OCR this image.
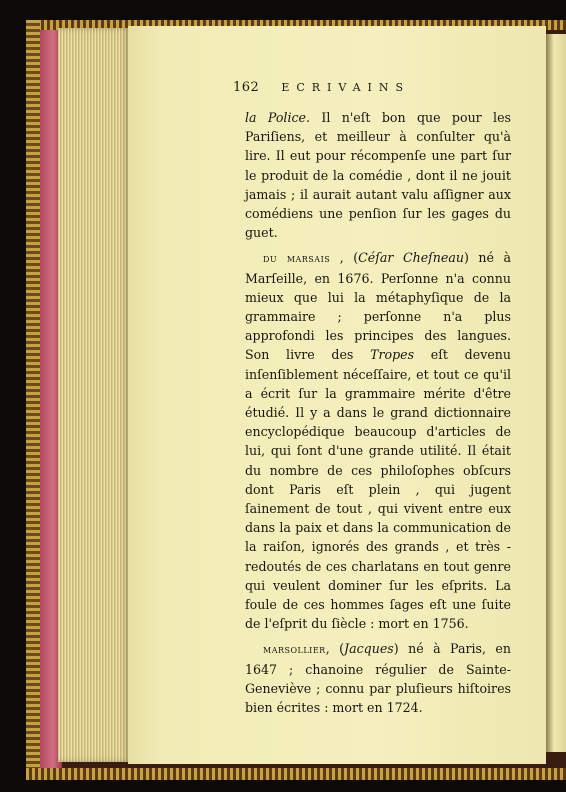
162 ECRIVAINS

la Police. Il n'eſt bon que pour les Pariſiens, et meilleur à conſulter qu'à lire. Il eut pour récompenſe une part ſur le produit de la comédie , dont il ne jouit jamais ; il aurait autant valu aſſigner aux comédiens une penſion ſur les gages du guet.

du marsais , (Céſar Cheſneau) né à Marſeille, en 1676. Perſonne n'a connu mieux que lui la métaphyſique de la grammaire ; perſonne n'a plus approfondi les principes des langues. Son livre des Tropes eſt devenu inſenſiblement néceſſaire, et tout ce qu'il a écrit ſur la grammaire mérite d'être étudié. Il y a dans le grand dictionnaire encyclopédique beaucoup d'articles de lui, qui ſont d'une grande utilité. Il était du nombre de ces philoſophes obſcurs dont Paris eſt plein , qui jugent ſainement de tout , qui vivent entre eux dans la paix et dans la communication de la raiſon, ignorés des grands , et très - redoutés de ces charlatans en tout genre qui veulent dominer ſur les eſprits. La foule de ces hommes ſages eſt une ſuite de l'eſprit du ſiècle : mort en 1756.

marsollier, (Jacques) né à Paris, en 1647 ; chanoine régulier de Sainte-Geneviève ; connu par pluſieurs hiſtoires bien écrites : mort en 1724.
